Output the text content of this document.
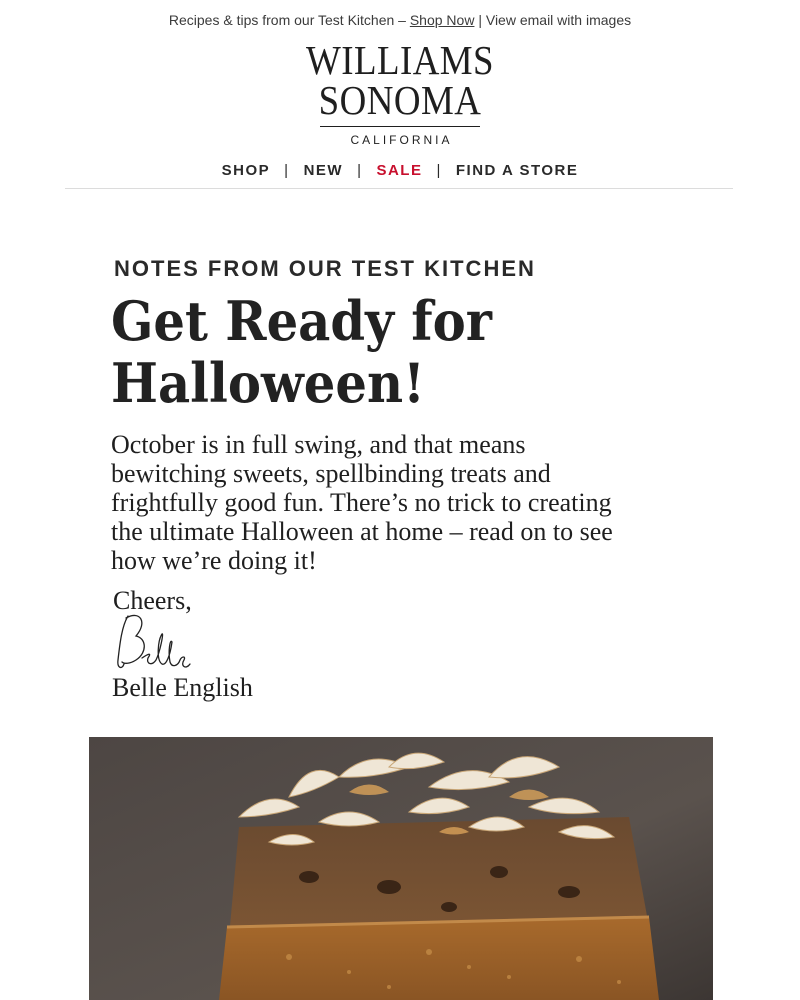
Recipes & tips from our Test Kitchen – Shop Now | View email with images
WILLIAMS
SONOMA
CALIFORNIA
SHOP | NEW | SALE | FIND A STORE
NOTES FROM OUR TEST KITCHEN
Get Ready for
Halloween!
October is in full swing, and that means bewitching sweets, spellbinding treats and frightfully good fun. There’s no trick to creating the ultimate Halloween at home – read on to see how we’re doing it!
Cheers,
Belle English
